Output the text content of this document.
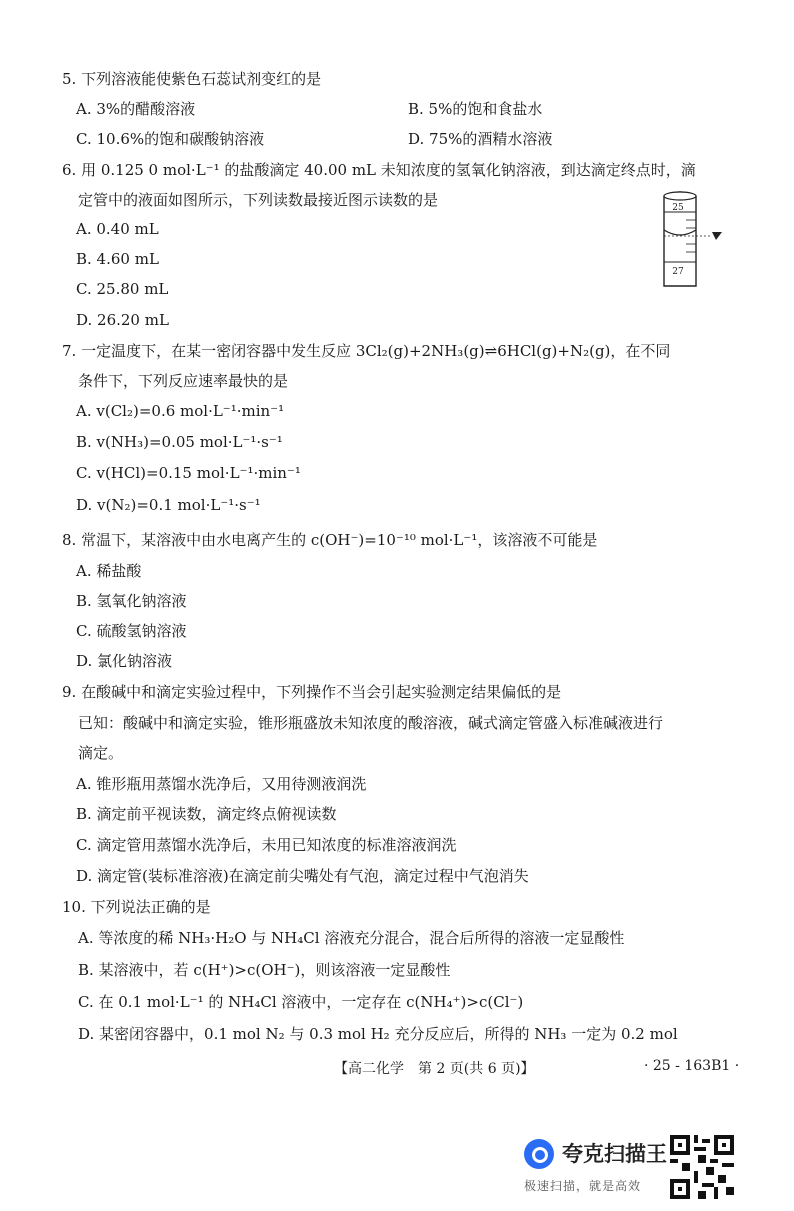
5. 下列溶液能使紫色石蕊试剂变红的是
A. 3%的醋酸溶液	B. 5%的饱和食盐水
C. 10.6%的饱和碳酸钠溶液	D. 75%的酒精水溶液
6. 用 0.125 0 mol·L⁻¹ 的盐酸滴定 40.00 mL 未知浓度的氢氧化钠溶液，到达滴定终点时，滴
定管中的液面如图所示，下列读数最接近图示读数的是
A. 0.40 mL
B. 4.60 mL
C. 25.80 mL
D. 26.20 mL
25
27
7. 一定温度下，在某一密闭容器中发生反应 3Cl₂(g)+2NH₃(g)⇌6HCl(g)+N₂(g)，在不同
条件下，下列反应速率最快的是
A. v(Cl₂)=0.6 mol·L⁻¹·min⁻¹
B. v(NH₃)=0.05 mol·L⁻¹·s⁻¹
C. v(HCl)=0.15 mol·L⁻¹·min⁻¹
D. v(N₂)=0.1 mol·L⁻¹·s⁻¹
8. 常温下，某溶液中由水电离产生的 c(OH⁻)=10⁻¹⁰ mol·L⁻¹，该溶液不可能是
A. 稀盐酸
B. 氢氧化钠溶液
C. 硫酸氢钠溶液
D. 氯化钠溶液
9. 在酸碱中和滴定实验过程中，下列操作不当会引起实验测定结果偏低的是
已知：酸碱中和滴定实验，锥形瓶盛放未知浓度的酸溶液，碱式滴定管盛入标准碱液进行
滴定。
A. 锥形瓶用蒸馏水洗净后，又用待测液润洗
B. 滴定前平视读数，滴定终点俯视读数
C. 滴定管用蒸馏水洗净后，未用已知浓度的标准溶液润洗
D. 滴定管(装标准溶液)在滴定前尖嘴处有气泡，滴定过程中气泡消失
10. 下列说法正确的是
A. 等浓度的稀 NH₃·H₂O 与 NH₄Cl 溶液充分混合，混合后所得的溶液一定显酸性
B. 某溶液中，若 c(H⁺)>c(OH⁻)，则该溶液一定显酸性
C. 在 0.1 mol·L⁻¹ 的 NH₄Cl 溶液中，一定存在 c(NH₄⁺)>c(Cl⁻)
D. 某密闭容器中，0.1 mol N₂ 与 0.3 mol H₂ 充分反应后，所得的 NH₃ 一定为 0.2 mol
【高二化学　第 2 页(共 6 页)】	· 25 - 163B1 ·
夸克扫描王
极速扫描，就是高效
